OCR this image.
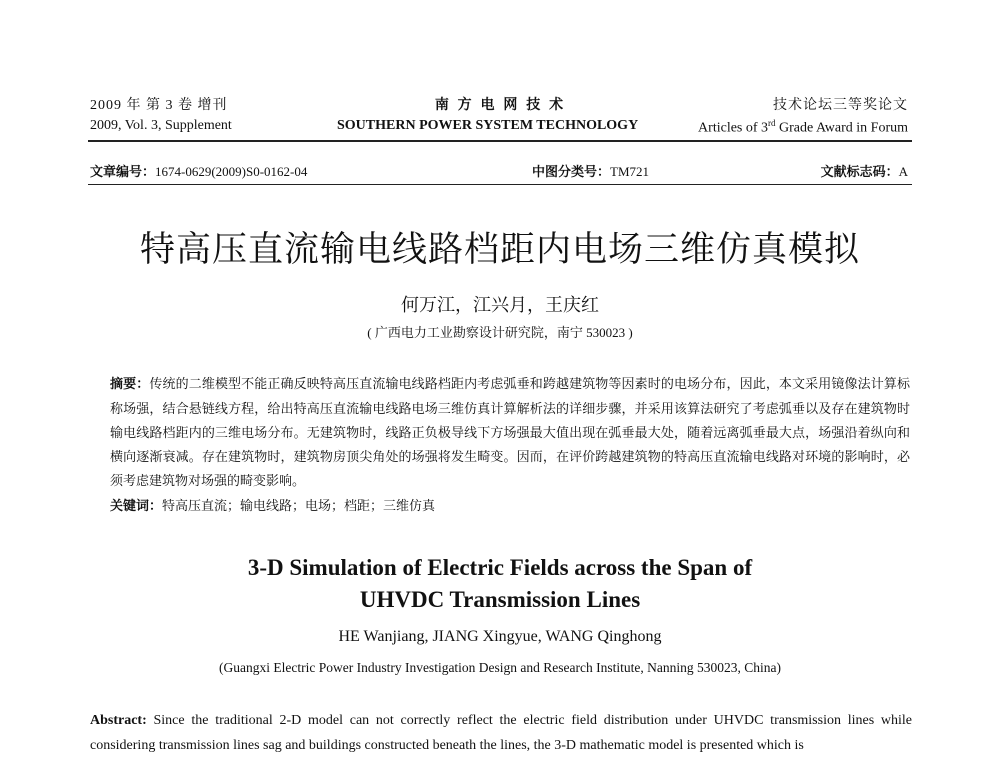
2009 年 第 3 卷 增刊
2009, Vol. 3, Supplement
南 方 电 网 技 术
SOUTHERN POWER SYSTEM TECHNOLOGY
技术论坛三等奖论文
Articles of 3rd Grade Award in Forum
文章编号：1674-0629(2009)S0-0162-04	中图分类号：TM721	文献标志码：A
特高压直流输电线路档距内电场三维仿真模拟
何万江，江兴月，王庆红
( 广西电力工业勘察设计研究院，南宁 530023 )
摘要：传统的二维模型不能正确反映特高压直流输电线路档距内考虑弧垂和跨越建筑物等因素时的电场分布，因此，本文采用镜像法计算标称场强，结合悬链线方程，给出特高压直流输电线路电场三维仿真计算解析法的详细步骤，并采用该算法研究了考虑弧垂以及存在建筑物时输电线路档距内的三维电场分布。无建筑物时，线路正负极导线下方场强最大值出现在弧垂最大处，随着远离弧垂最大点，场强沿着纵向和横向逐渐衰减。存在建筑物时，建筑物房顶尖角处的场强将发生畸变。因而，在评价跨越建筑物的特高压直流输电线路对环境的影响时，必须考虑建筑物对场强的畸变影响。
关键词：特高压直流；输电线路；电场；档距；三维仿真
3-D Simulation of Electric Fields across the Span of
UHVDC Transmission Lines
HE Wanjiang, JIANG Xingyue, WANG Qinghong
(Guangxi Electric Power Industry Investigation Design and Research Institute, Nanning 530023, China)
Abstract: Since the traditional 2-D model can not correctly reflect the electric field distribution under UHVDC transmission lines while considering transmission lines sag and buildings constructed beneath the lines, the 3-D mathematic model is presented which is
